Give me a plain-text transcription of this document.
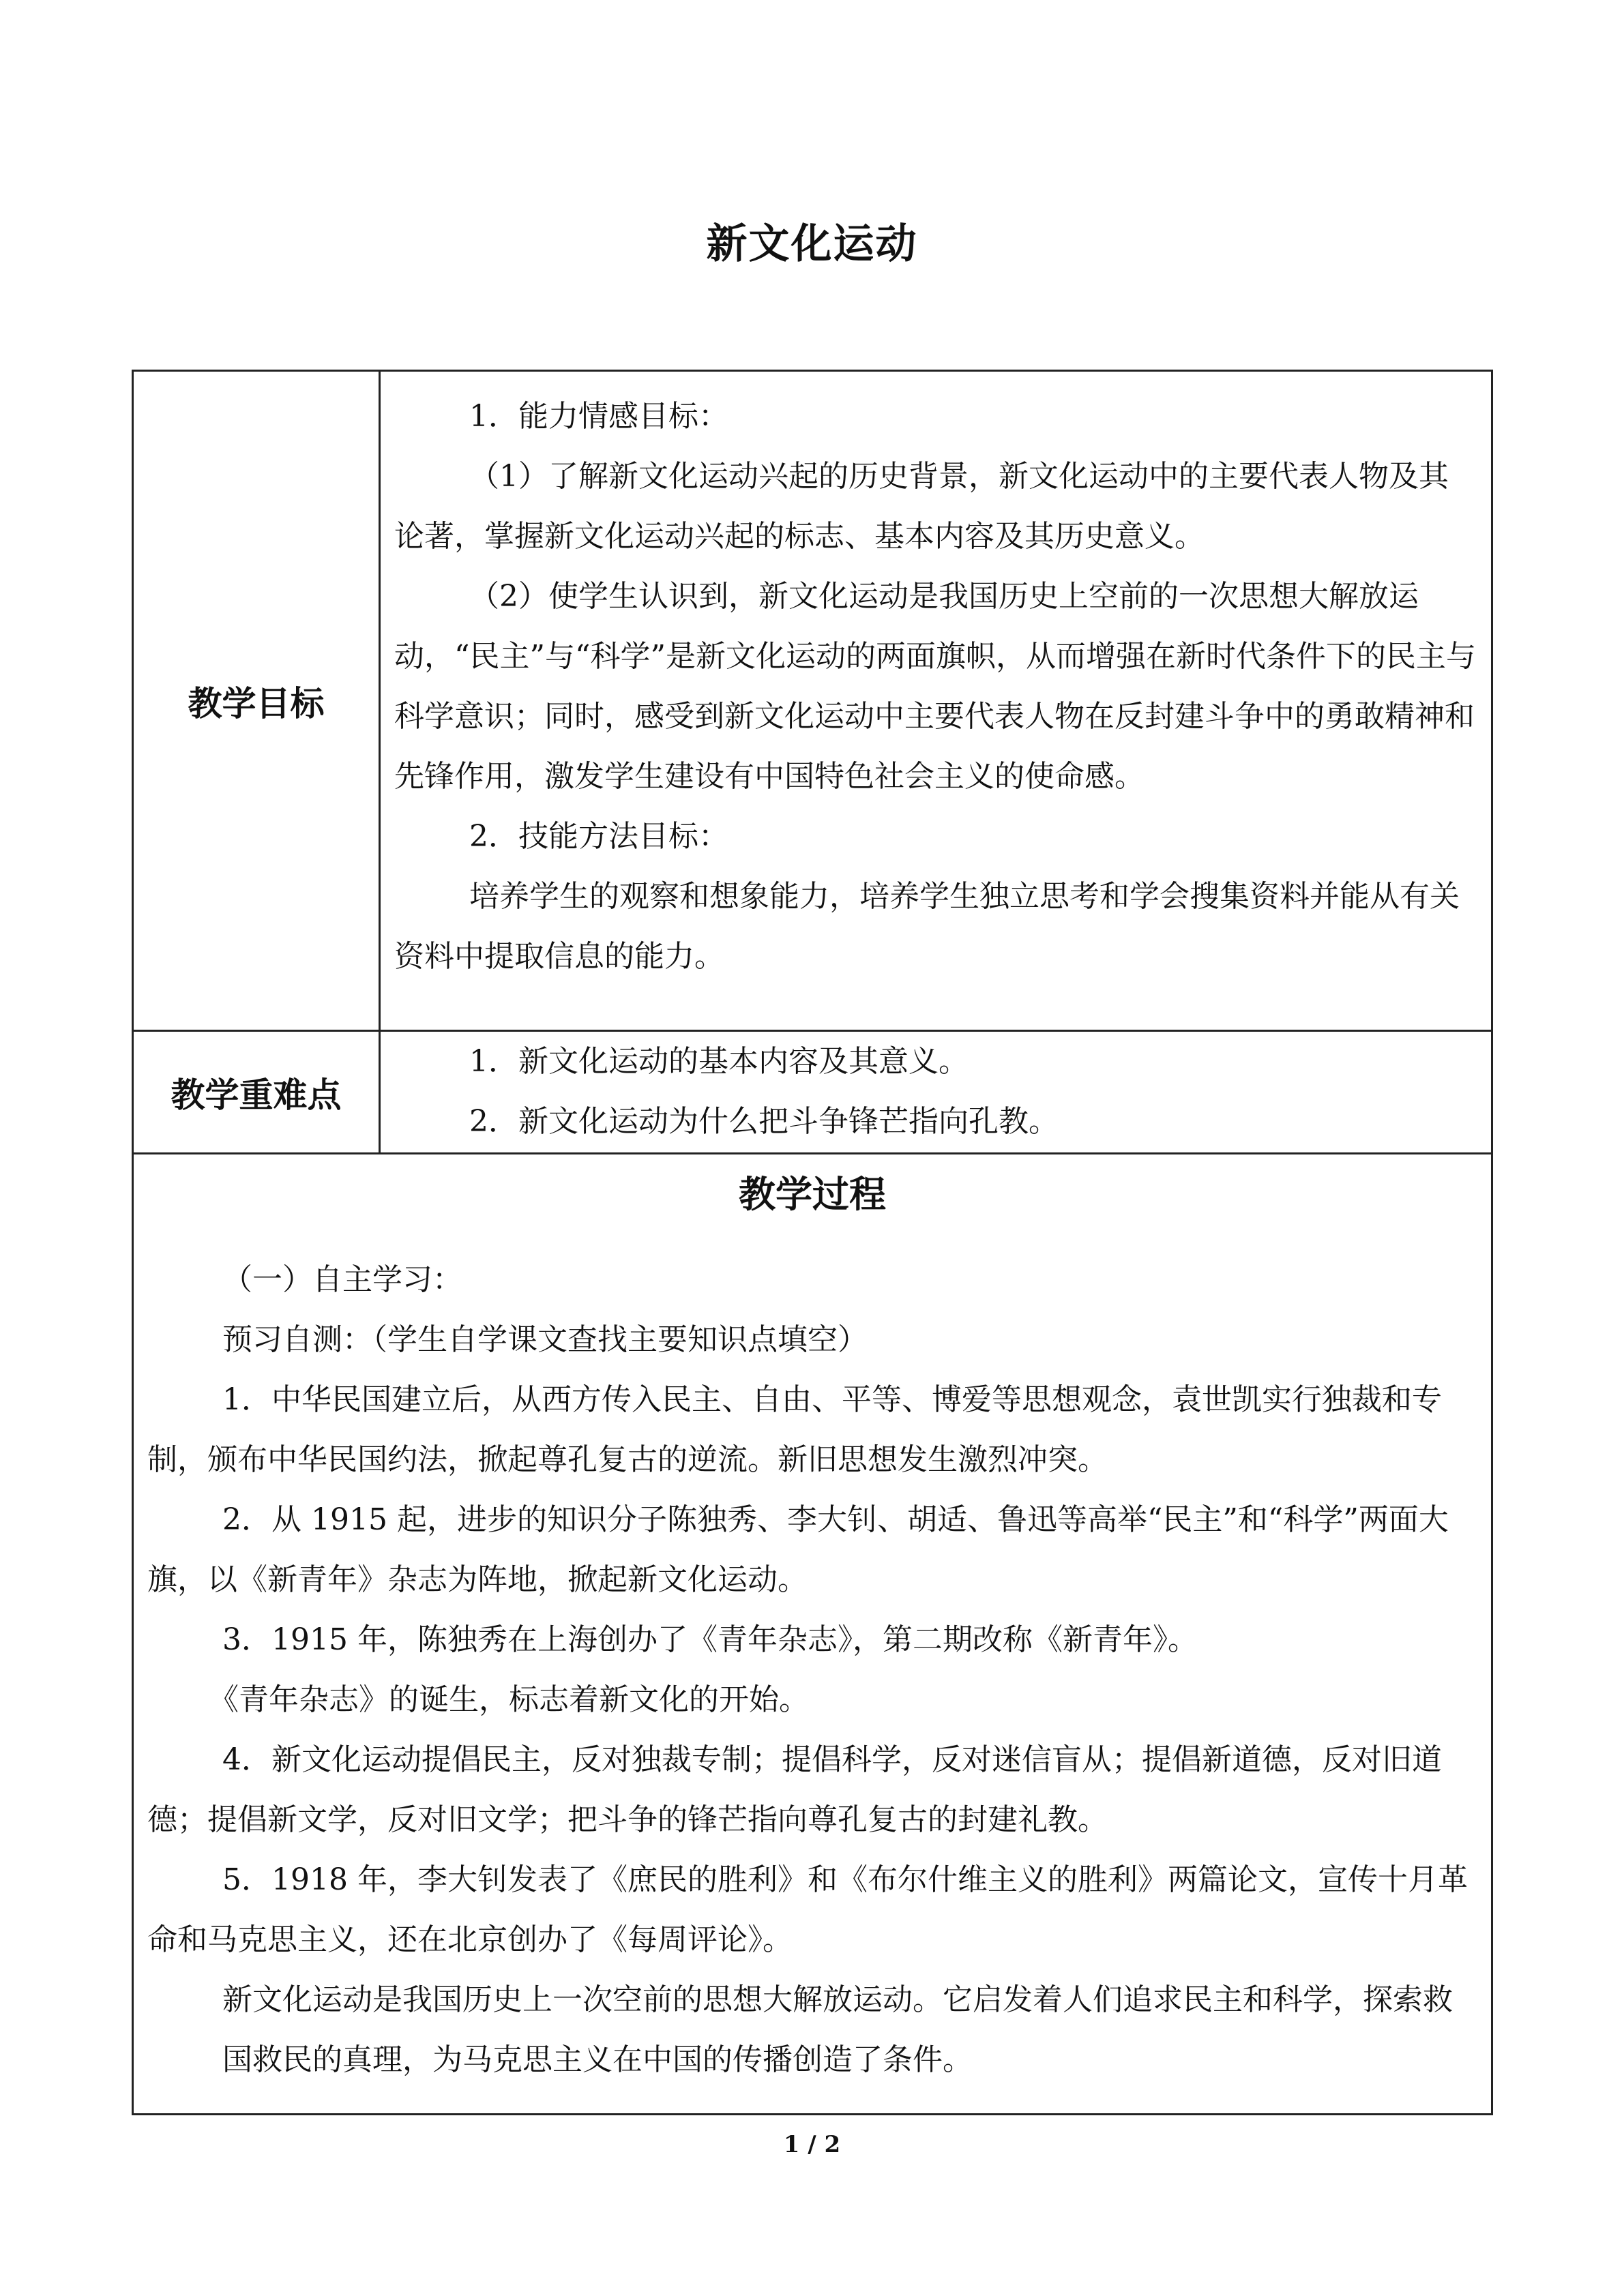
新文化运动
教学目标

1．能力情感目标：

（1）了解新文化运动兴起的历史背景，新文化运动中的主要代表人物及其论著，掌握新文化运动兴起的标志、基本内容及其历史意义。

（2）使学生认识到，新文化运动是我国历史上空前的一次思想大解放运动，“民主”与“科学”是新文化运动的两面旗帜，从而增强在新时代条件下的民主与科学意识；同时，感受到新文化运动中主要代表人物在反封建斗争中的勇敢精神和先锋作用，激发学生建设有中国特色社会主义的使命感。

2．技能方法目标：

培养学生的观察和想象能力，培养学生独立思考和学会搜集资料并能从有关资料中提取信息的能力。

教学重难点

1．新文化运动的基本内容及其意义。

2．新文化运动为什么把斗争锋芒指向孔教。

教学过程

（一）自主学习：

预习自测：（学生自学课文查找主要知识点填空）

1．中华民国建立后，从西方传入民主、自由、平等、博爱等思想观念，袁世凯实行独裁和专制，颁布中华民国约法，掀起尊孔复古的逆流。新旧思想发生激烈冲突。

2．从 1915 起，进步的知识分子陈独秀、李大钊、胡适、鲁迅等高举“民主”和“科学”两面大旗，以《新青年》杂志为阵地，掀起新文化运动。

3．1915 年，陈独秀在上海创办了《青年杂志》，第二期改称《新青年》。

《青年杂志》的诞生，标志着新文化的开始。

4．新文化运动提倡民主，反对独裁专制；提倡科学，反对迷信盲从；提倡新道德，反对旧道德；提倡新文学，反对旧文学；把斗争的锋芒指向尊孔复古的封建礼教。

5．1918 年，李大钊发表了《庶民的胜利》和《布尔什维主义的胜利》两篇论文，宣传十月革命和马克思主义，还在北京创办了《每周评论》。

新文化运动是我国历史上一次空前的思想大解放运动。它启发着人们追求民主和科学，探索救国救民的真理，为马克思主义在中国的传播创造了条件。

1 / 2
